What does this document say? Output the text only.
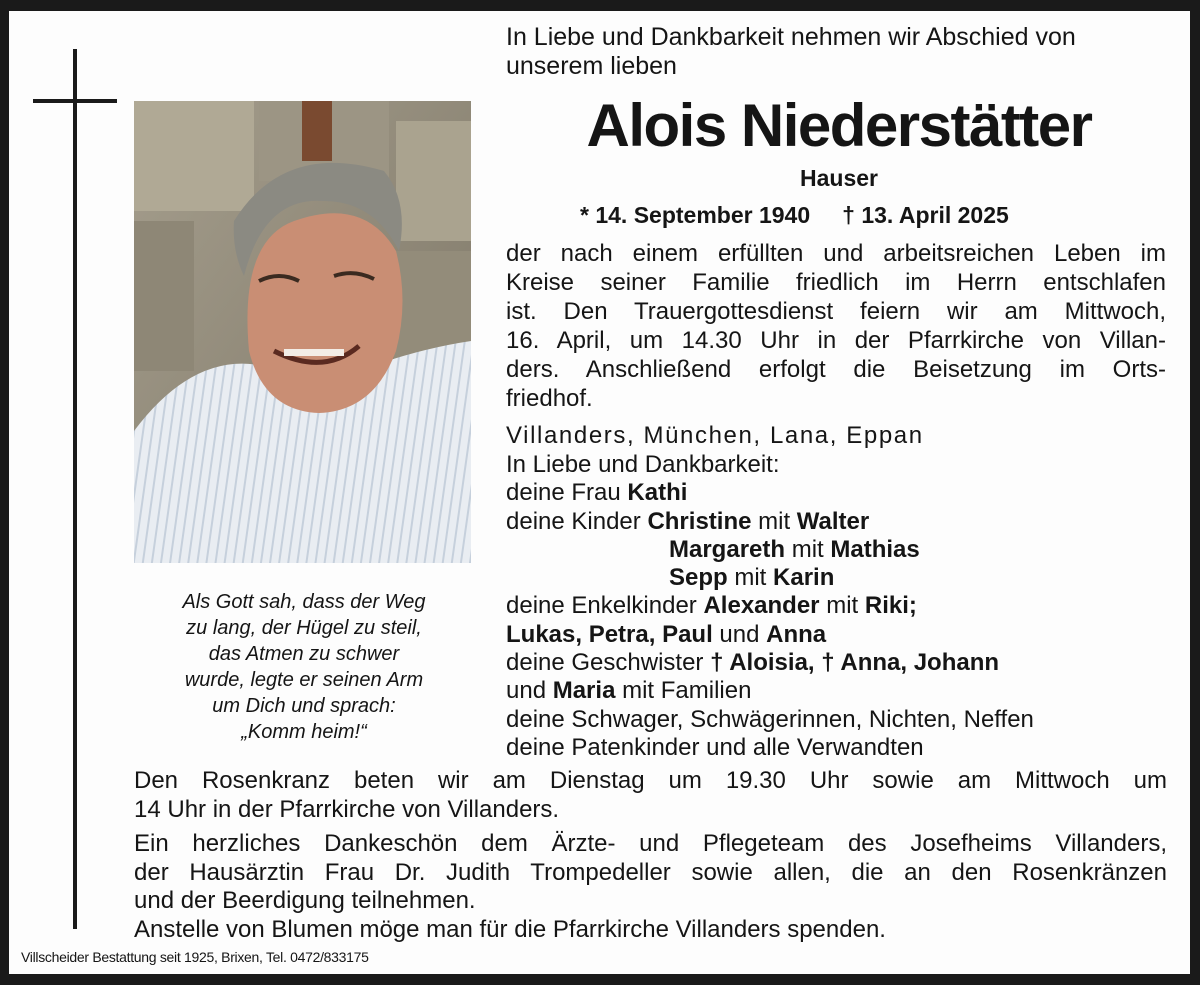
Als Gott sah, dass der Weg
zu lang, der Hügel zu steil,
das Atmen zu schwer
wurde, legte er seinen Arm
um Dich und sprach:
„Komm heim!“
In Liebe und Dankbarkeit nehmen wir Abschied von
unserem lieben
Alois Niederstätter
Hauser
* 14. September 1940 † 13. April 2025
der nach einem erfüllten und arbeitsreichen Leben im
Kreise seiner Familie friedlich im Herrn entschlafen
ist. Den Trauergottesdienst feiern wir am Mittwoch,
16. April, um 14.30 Uhr in der Pfarrkirche von Villan-
ders. Anschließend erfolgt die Beisetzung im Orts-
friedhof.
Villanders, München, Lana, Eppan
In Liebe und Dankbarkeit:
deine Frau Kathi
deine Kinder Christine mit Walter
Margareth mit Mathias
Sepp mit Karin
deine Enkelkinder Alexander mit Riki;
Lukas, Petra, Paul und Anna
deine Geschwister † Aloisia, † Anna, Johann
und Maria mit Familien
deine Schwager, Schwägerinnen, Nichten, Neffen
deine Patenkinder und alle Verwandten
Den Rosenkranz beten wir am Dienstag um 19.30 Uhr sowie am Mittwoch um
14 Uhr in der Pfarrkirche von Villanders.
Ein herzliches Dankeschön dem Ärzte- und Pflegeteam des Josefheims Villanders,
der Hausärztin Frau Dr. Judith Trompedeller sowie allen, die an den Rosenkränzen
und der Beerdigung teilnehmen.
Anstelle von Blumen möge man für die Pfarrkirche Villanders spenden.
Villscheider Bestattung seit 1925, Brixen, Tel. 0472/833175
